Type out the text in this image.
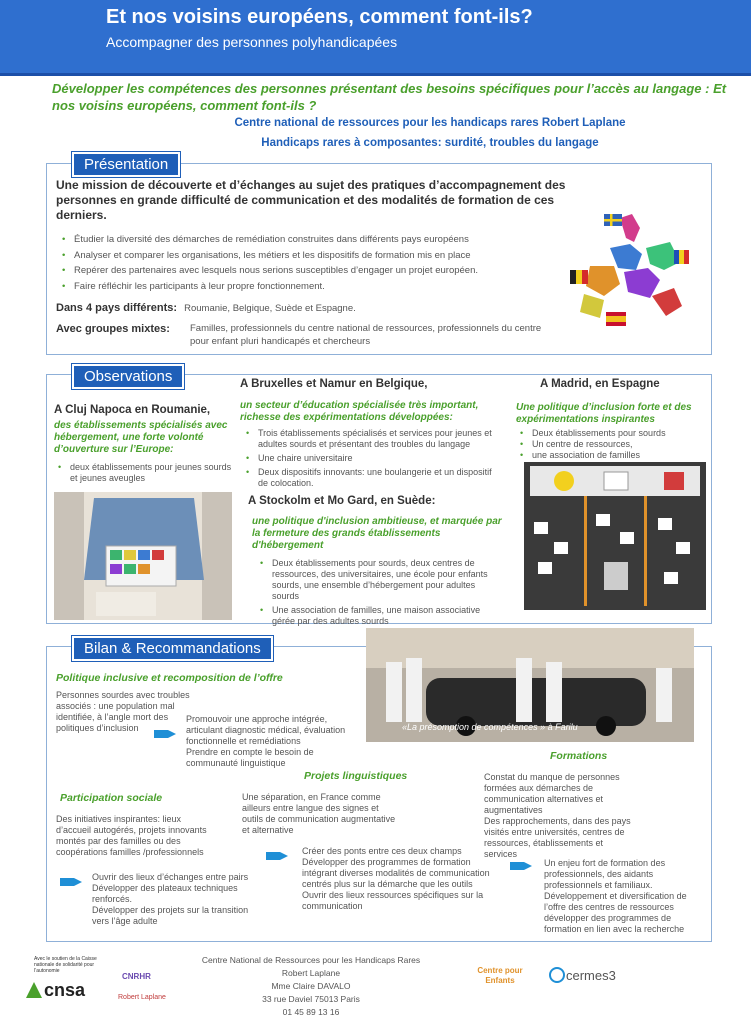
Et nos voisins européens, comment font-ils?
Accompagner des personnes polyhandicapées
Développer les compétences des personnes présentant des besoins spécifiques pour l’accès au langage : Et nos voisins européens, comment font-ils ?
Centre national de ressources pour les handicaps rares Robert Laplane
Handicaps rares à composantes: surdité, troubles du langage
Présentation
Une mission de découverte et d’échanges au sujet des pratiques d’accompagnement des personnes en grande difficulté de communication et des modalités de formation de ces derniers.
• Étudier la diversité des démarches de remédiation construites dans différents pays européens
• Analyser et comparer les organisations, les métiers et les dispositifs de formation mis en place
• Repérer des partenaires avec lesquels nous serions susceptibles d’engager un projet européen.
• Faire réfléchir les participants à leur propre fonctionnement.
Dans 4 pays différents: Roumanie, Belgique, Suède et Espagne.
Avec groupes mixtes: Familles, professionnels du centre national de ressources, professionnels du centre pour enfant pluri handicapés et chercheurs
Observations
A Cluj Napoca en Roumanie,
des établissements spécialisés avec hébergement, une forte volonté d’ouverture sur l’Europe:
• deux établissements pour jeunes sourds et jeunes aveugles
A Bruxelles et Namur en Belgique,
un secteur d’éducation spécialisée très important, richesse des expérimentations développées:
• Trois établissements spécialisés et services pour jeunes et adultes sourds et présentant des troubles du langage
• Une chaire universitaire
• Deux dispositifs innovants: une boulangerie et un dispositif de colocation.
A Stockolm et Mo Gard, en Suède:
une politique d'inclusion ambitieuse, et marquée par la fermeture des grands établissements d'hébergement
• Deux établissements pour sourds, deux centres de ressources, des universitaires, une école pour enfants sourds, une ensemble d’hébergement pour adultes sourds
• Une association de familles, une maison associative gérée par des adultes sourds
A Madrid, en Espagne
Une politique d’inclusion forte et des expérimentations inspirantes
• Deux établissements pour sourds
• Un centre de ressources,
• une association de familles
Bilan & Recommandations
«La présomption de compétences » à Farilu
Politique inclusive et recomposition de l’offre
Personnes sourdes avec troubles associés : une population mal identifiée, à l’angle mort des politiques d’inclusion
Promouvoir une approche intégrée, articulant diagnostic médical, évaluation fonctionnelle et remédiations
Prendre en compte le besoin de communauté linguistique
Formations
Constat du manque de personnes formées aux démarches de communication alternatives et augmentatives
Des rapprochements, dans des pays visités entre universités, centres de ressources, établissements et services
Un enjeu fort de formation des professionnels, des aidants professionnels et familiaux.
Développement et diversification de l’offre des centres de ressources
développer des programmes de formation en lien avec la recherche
Projets linguistiques
Une séparation, en France comme ailleurs entre langue des signes et outils de communication augmentative et alternative
Créer des ponts entre ces deux champs
Développer des programmes de formation intégrant diverses modalités de communication centrés plus sur la démarche que les outils
Ouvrir des lieux ressources spécifiques sur la communication
Participation sociale
Des initiatives inspirantes: lieux d’accueil autogérés, projets innovants montés par des familles ou des coopérations familles /professionnels
Ouvrir des lieux d’échanges entre pairs
Développer des plateaux techniques renforcés.
Développer des projets sur la transition vers l’âge adulte
Avec le soutien de la Caisse nationale de solidarité pour l’autonomie
cnsa
CNRHR
Robert Laplane
Centre National de Ressources pour les Handicaps Rares
Robert Laplane
Mme Claire DAVALO
33 rue Daviel 75013 Paris
01 45 89 13 16
Centre pour Enfants	cermes3
